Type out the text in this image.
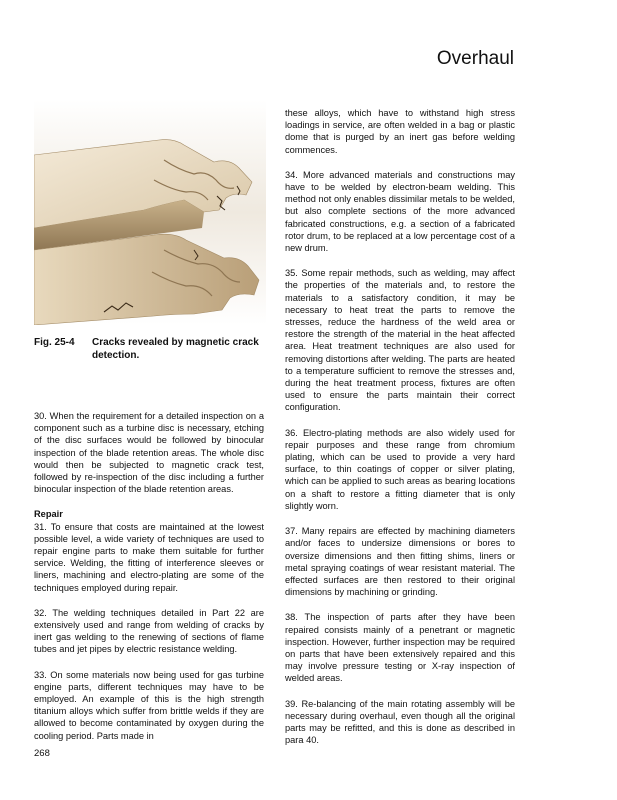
Overhaul
Fig. 25-4	Cracks revealed by magnetic crack detection.

30. When the requirement for a detailed inspection on a component such as a turbine disc is necessary, etching of the disc surfaces would be followed by binocular inspection of the blade retention areas. The whole disc would then be subjected to magnetic crack test, followed by re-inspection of the disc including a further binocular inspection of the blade retention areas.

Repair

31. To ensure that costs are maintained at the lowest possible level, a wide variety of techniques are used to repair engine parts to make them suitable for further service. Welding, the fitting of interference sleeves or liners, machining and electro-plating are some of the techniques employed during repair.

32. The welding techniques detailed in Part 22 are extensively used and range from welding of cracks by inert gas welding to the renewing of sections of flame tubes and jet pipes by electric resistance welding.

33. On some materials now being used for gas turbine engine parts, different techniques may have to be employed. An example of this is the high strength titanium alloys which suffer from brittle welds if they are allowed to become contaminated by oxygen during the cooling period. Parts made in

these alloys, which have to withstand high stress loadings in service, are often welded in a bag or plastic dome that is purged by an inert gas before welding commences.

34. More advanced materials and constructions may have to be welded by electron-beam welding. This method not only enables dissimilar metals to be welded, but also complete sections of the more advanced fabricated constructions, e.g. a section of a fabricated rotor drum, to be replaced at a low percentage cost of a new drum.

35. Some repair methods, such as welding, may affect the properties of the materials and, to restore the materials to a satisfactory condition, it may be necessary to heat treat the parts to remove the stresses, reduce the hardness of the weld area or restore the strength of the material in the heat affected area. Heat treatment techniques are also used for removing distortions after welding. The parts are heated to a temperature sufficient to remove the stresses and, during the heat treatment process, fixtures are often used to ensure the parts maintain their correct configuration.

36. Electro-plating methods are also widely used for repair purposes and these range from chromium plating, which can be used to provide a very hard surface, to thin coatings of copper or silver plating, which can be applied to such areas as bearing locations on a shaft to restore a fitting diameter that is only slightly worn.

37. Many repairs are effected by machining diameters and/or faces to undersize dimensions or bores to oversize dimensions and then fitting shims, liners or metal spraying coatings of wear resistant material. The effected surfaces are then restored to their original dimensions by machining or grinding.

38. The inspection of parts after they have been repaired consists mainly of a penetrant or magnetic inspection. However, further inspection may be required on parts that have been extensively repaired and this may involve pressure testing or X-ray inspection of welded areas.

39. Re-balancing of the main rotating assembly will be necessary during overhaul, even though all the original parts may be refitted, and this is done as described in para 40.

268
